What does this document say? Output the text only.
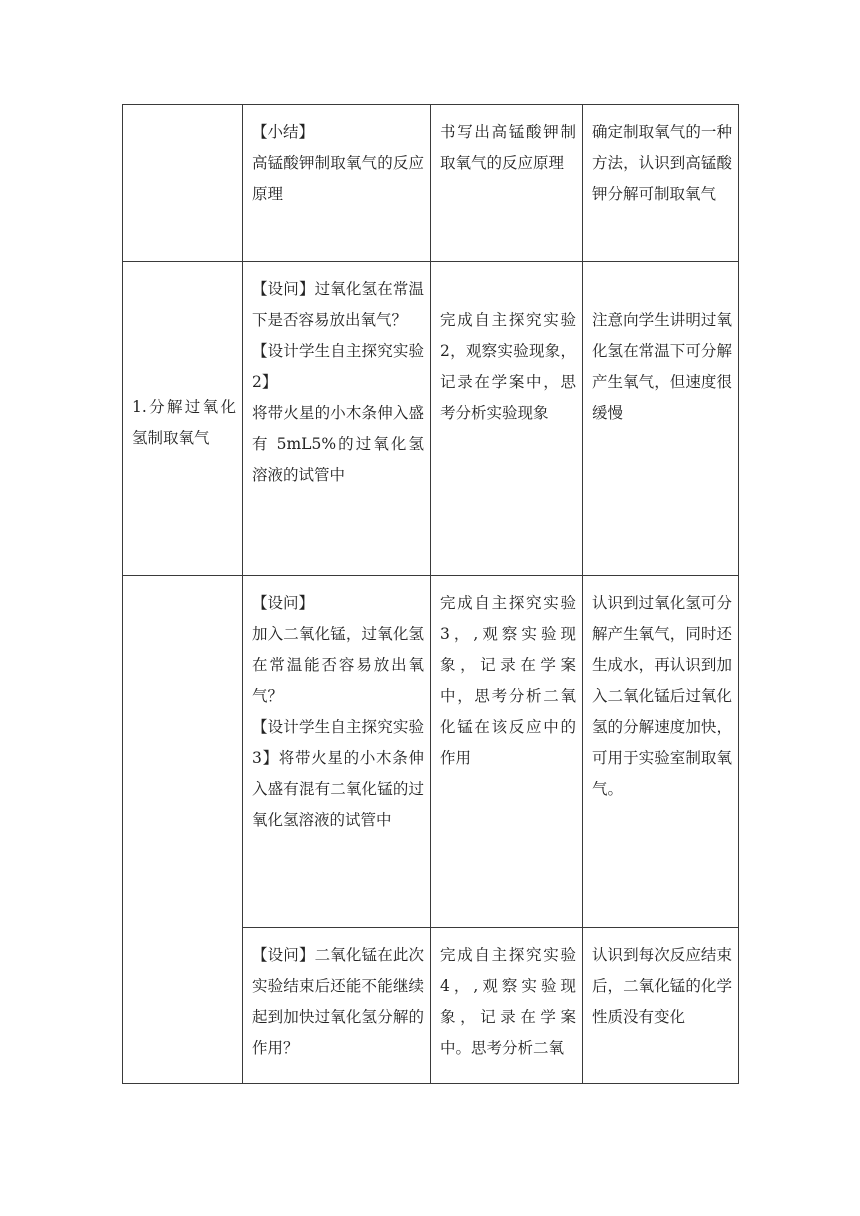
	【小结】
高锰酸钾制取氧气的反应原理	书写出高锰酸钾制取氧气的反应原理	确定制取氧气的一种方法，认识到高锰酸钾分解可制取氧气

1.分解过氧化氢制取氧气	【设问】过氧化氢在常温下是否容易放出氧气？
【设计学生自主探究实验 2】
将带火星的小木条伸入盛有 5mL5%的过氧化氢溶液的试管中	完成自主探究实验 2，观察实验现象，记录在学案中，思考分析实验现象	注意向学生讲明过氧化氢在常温下可分解产生氧气，但速度很缓慢

	【设问】
加入二氧化锰，过氧化氢在常温能否容易放出氧气？
【设计学生自主探究实验 3】将带火星的小木条伸入盛有混有二氧化锰的过氧化氢溶液的试管中	完成自主探究实验 3，,观察实验现象，记录在学案中，思考分析二氧化锰在该反应中的作用	认识到过氧化氢可分解产生氧气，同时还生成水，再认识到加入二氧化锰后过氧化氢的分解速度加快，可用于实验室制取氧气。

	【设问】二氧化锰在此次实验结束后还能不能继续起到加快过氧化氢分解的作用？	完成自主探究实验 4，,观察实验现象，记录在学案中。思考分析二氧	认识到每次反应结束后，二氧化锰的化学性质没有变化
